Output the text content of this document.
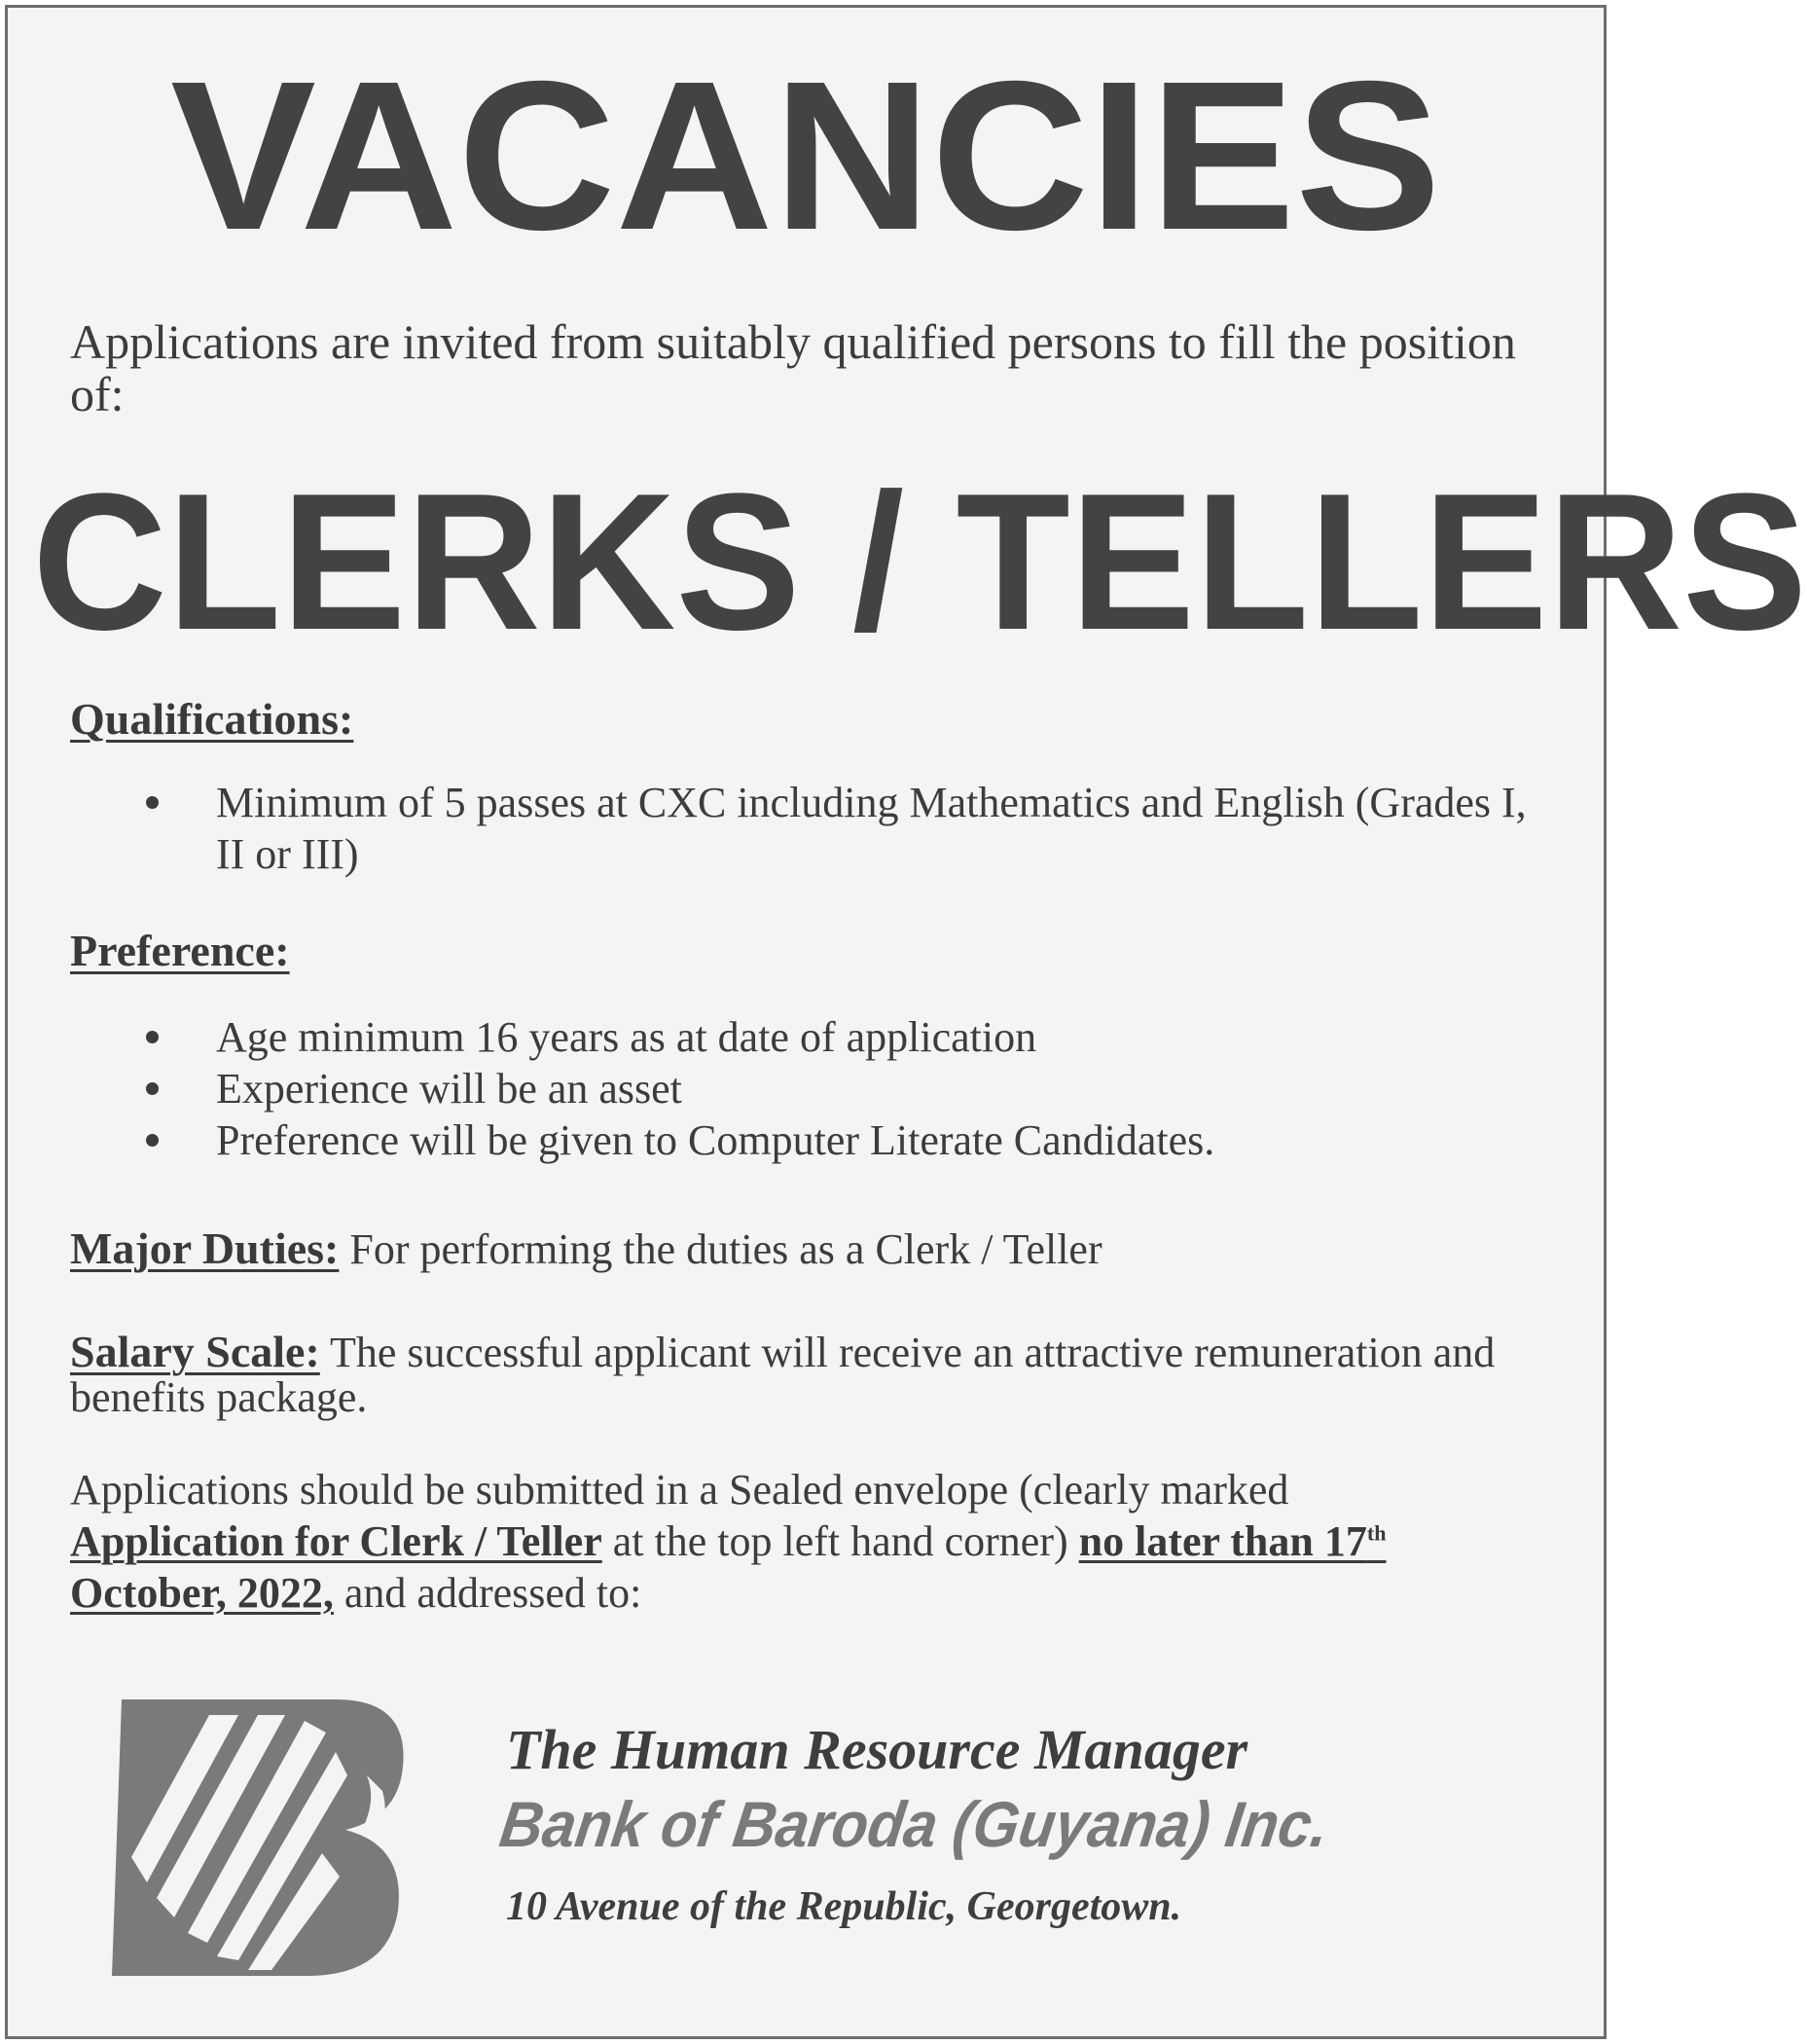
VACANCIES
Applications are invited from suitably qualified persons to fill the position of:
CLERKS / TELLERS
Qualifications:
Minimum of 5 passes at CXC including Mathematics and English (Grades I, II or III)
Preference:
Age minimum 16 years as at date of application
Experience will be an asset
Preference will be given to Computer Literate Candidates.
Major Duties: For performing the duties as a Clerk / Teller
Salary Scale: The successful applicant will receive an attractive remuneration and benefits package.
Applications should be submitted in a Sealed envelope (clearly marked Application for Clerk / Teller at the top left hand corner) no later than 17th October, 2022, and addressed to:
The Human Resource Manager
Bank of Baroda (Guyana) Inc.
10 Avenue of the Republic, Georgetown.
